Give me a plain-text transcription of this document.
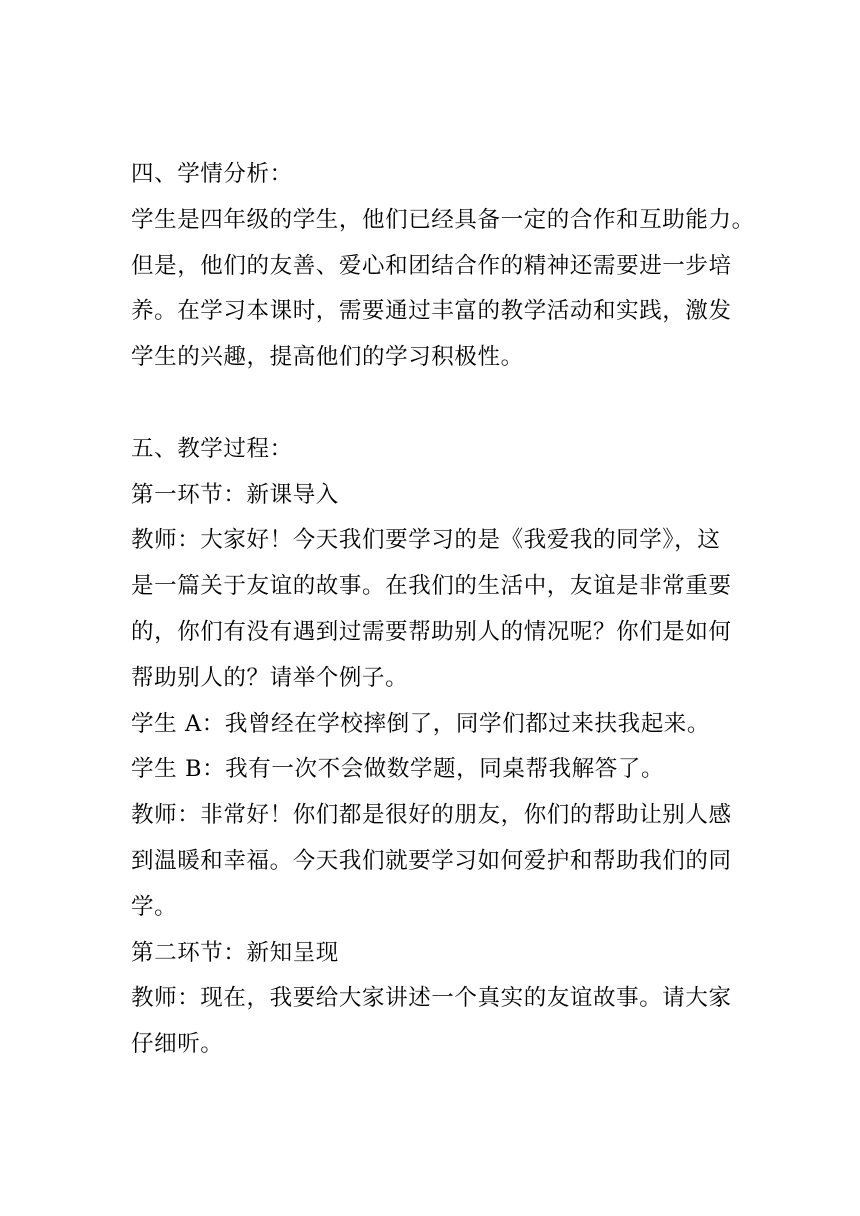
四、学情分析：
学生是四年级的学生，他们已经具备一定的合作和互助能力。
但是，他们的友善、爱心和团结合作的精神还需要进一步培
养。在学习本课时，需要通过丰富的教学活动和实践，激发
学生的兴趣，提高他们的学习积极性。
五、教学过程：
第一环节：新课导入
教师：大家好！今天我们要学习的是《我爱我的同学》，这
是一篇关于友谊的故事。在我们的生活中，友谊是非常重要
的，你们有没有遇到过需要帮助别人的情况呢？你们是如何
帮助别人的？请举个例子。
学生 A：我曾经在学校摔倒了，同学们都过来扶我起来。
学生 B：我有一次不会做数学题，同桌帮我解答了。
教师：非常好！你们都是很好的朋友，你们的帮助让别人感
到温暖和幸福。今天我们就要学习如何爱护和帮助我们的同
学。
第二环节：新知呈现
教师：现在，我要给大家讲述一个真实的友谊故事。请大家
仔细听。
